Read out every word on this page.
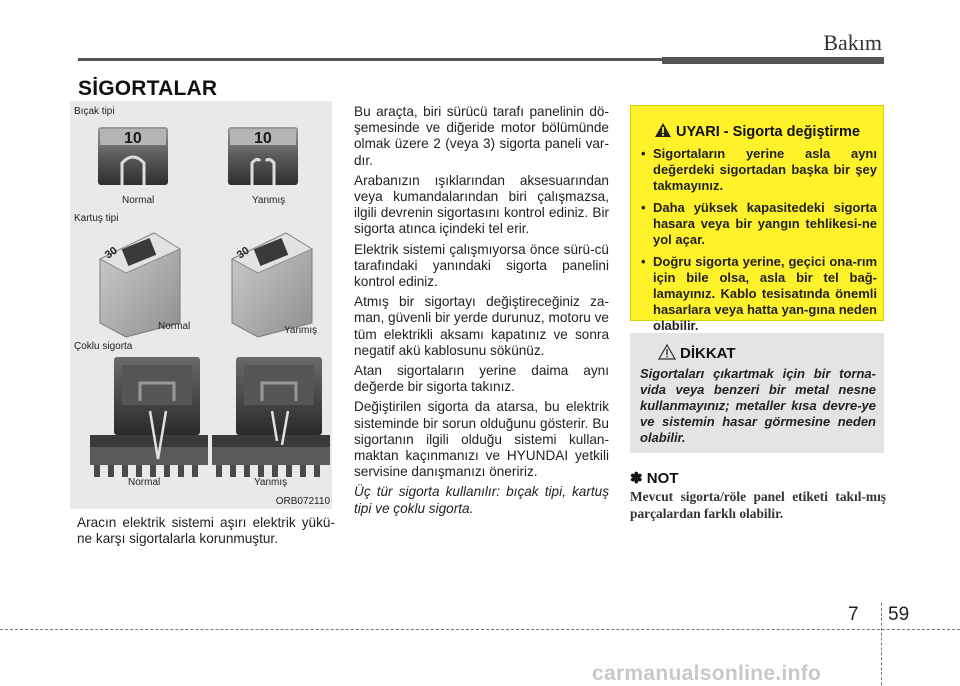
Bakım
SİGORTALAR
Bıçak tipi
Kartuş tipi
Çoklu sigorta
10	10
30	30
Normal	Yanmış
Normal	Yanmış
Normal	Yanmış
ORB072110
Aracın elektrik sistemi aşırı elektrik yükü-ne karşı sigortalarla korunmuştur.

Bu araçta, biri sürücü tarafı panelinin dö-şemesinde ve diğeride motor bölümünde olmak üzere 2 (veya 3) sigorta paneli var-dır.

Arabanızın ışıklarından aksesuarından veya kumandalarından biri çalışmazsa, ilgili devrenin sigortasını kontrol ediniz. Bir sigorta atınca içindeki tel erir.

Elektrik sistemi çalışmıyorsa önce sürü-cü tarafındaki yanındaki sigorta panelini kontrol ediniz.

Atmış bir sigortayı değiştireceğiniz za-man, güvenli bir yerde durunuz, motoru ve tüm elektrikli aksamı kapatınız ve sonra negatif akü kablosunu sökünüz.

Atan sigortaların yerine daima aynı değerde bir sigorta takınız.

Değiştirilen sigorta da atarsa, bu elektrik sisteminde bir sorun olduğunu gösterir. Bu sigortanın ilgili olduğu sistemi kullan-maktan kaçınmanızı ve HYUNDAI yetkili servisine danışmanızı öneririz.

Üç tür sigorta kullanılır: bıçak tipi, kartuş tipi ve çoklu sigorta.

UYARI - Sigorta değiştirme
• Sigortaların yerine asla aynı değerdeki sigortadan başka bir şey takmayınız.
• Daha yüksek kapasitedeki sigorta hasara veya bir yangın tehlikesi-ne yol açar.
• Doğru sigorta yerine, geçici ona-rım için bile olsa, asla bir tel bağ-lamayınız. Kablo tesisatında önemli hasarlara veya hatta yan-gına neden olabilir.
DİKKAT
Sigortaları çıkartmak için bir torna-vida veya benzeri bir metal nesne kullanmayınız; metaller kısa devre-ye ve sistemin hasar görmesine neden olabilir.
✽ NOT
Mevcut sigorta/röle panel etiketi takıl-mış parçalardan farklı olabilir.
7 59
carmanualsonline.info
